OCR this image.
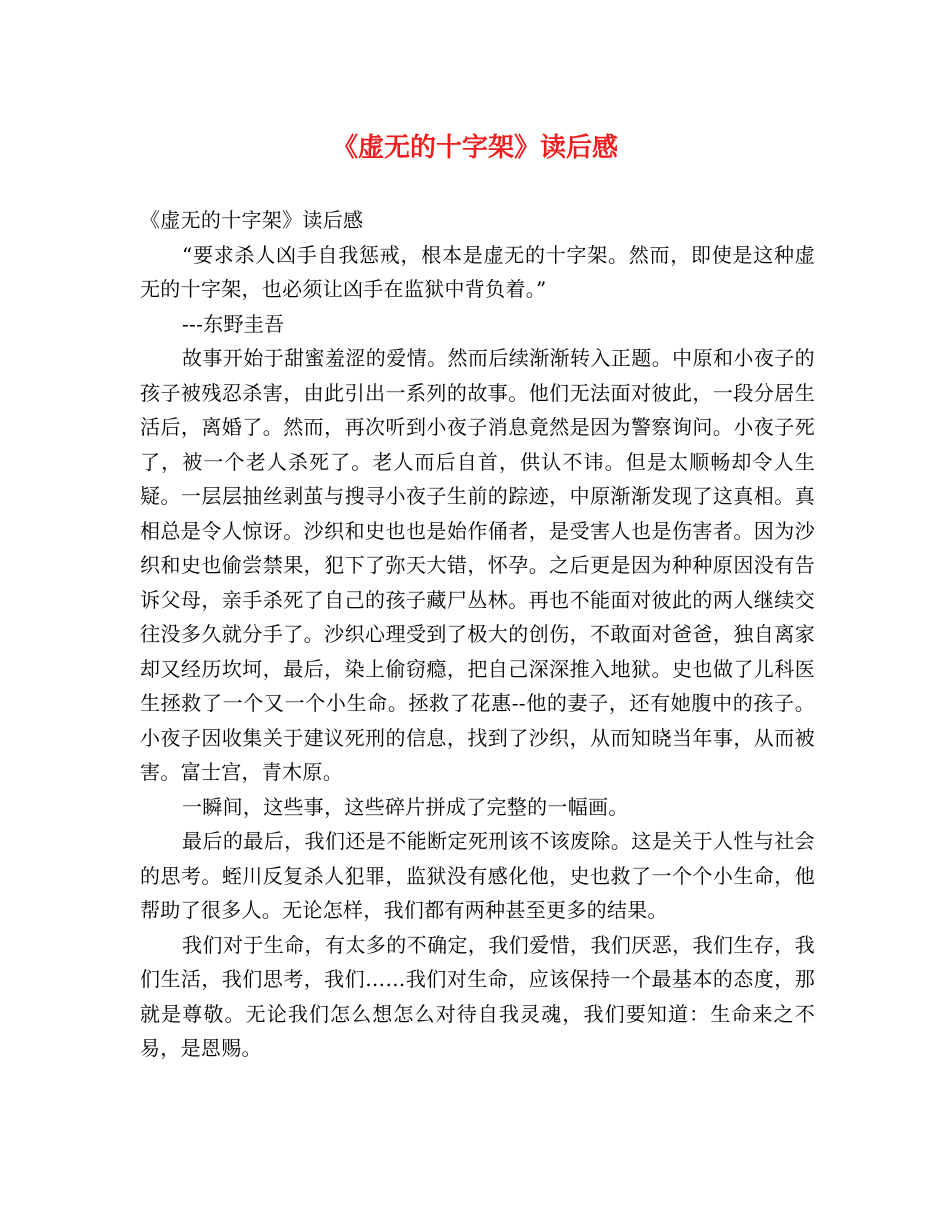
《虚无的十字架》读后感

《虚无的十字架》读后感

“要求杀人凶手自我惩戒，根本是虚无的十字架。然而，即使是这种虚无的十字架，也必须让凶手在监狱中背负着。”

---东野圭吾

故事开始于甜蜜羞涩的爱情。然而后续渐渐转入正题。中原和小夜子的孩子被残忍杀害，由此引出一系列的故事。他们无法面对彼此，一段分居生活后，离婚了。然而，再次听到小夜子消息竟然是因为警察询问。小夜子死了，被一个老人杀死了。老人而后自首，供认不讳。但是太顺畅却令人生疑。一层层抽丝剥茧与搜寻小夜子生前的踪迹，中原渐渐发现了这真相。真相总是令人惊讶。沙织和史也也是始作俑者，是受害人也是伤害者。因为沙织和史也偷尝禁果，犯下了弥天大错，怀孕。之后更是因为种种原因没有告诉父母，亲手杀死了自己的孩子藏尸丛林。再也不能面对彼此的两人继续交往没多久就分手了。沙织心理受到了极大的创伤，不敢面对爸爸，独自离家却又经历坎坷，最后，染上偷窃瘾，把自己深深推入地狱。史也做了儿科医生拯救了一个又一个小生命。拯救了花惠--他的妻子，还有她腹中的孩子。小夜子因收集关于建议死刑的信息，找到了沙织，从而知晓当年事，从而被害。富士宫，青木原。

一瞬间，这些事，这些碎片拼成了完整的一幅画。

最后的最后，我们还是不能断定死刑该不该废除。这是关于人性与社会的思考。蛭川反复杀人犯罪，监狱没有感化他，史也救了一个个小生命，他帮助了很多人。无论怎样，我们都有两种甚至更多的结果。

我们对于生命，有太多的不确定，我们爱惜，我们厌恶，我们生存，我们生活，我们思考，我们……我们对生命，应该保持一个最基本的态度，那就是尊敬。无论我们怎么想怎么对待自我灵魂，我们要知道：生命来之不易，是恩赐。
